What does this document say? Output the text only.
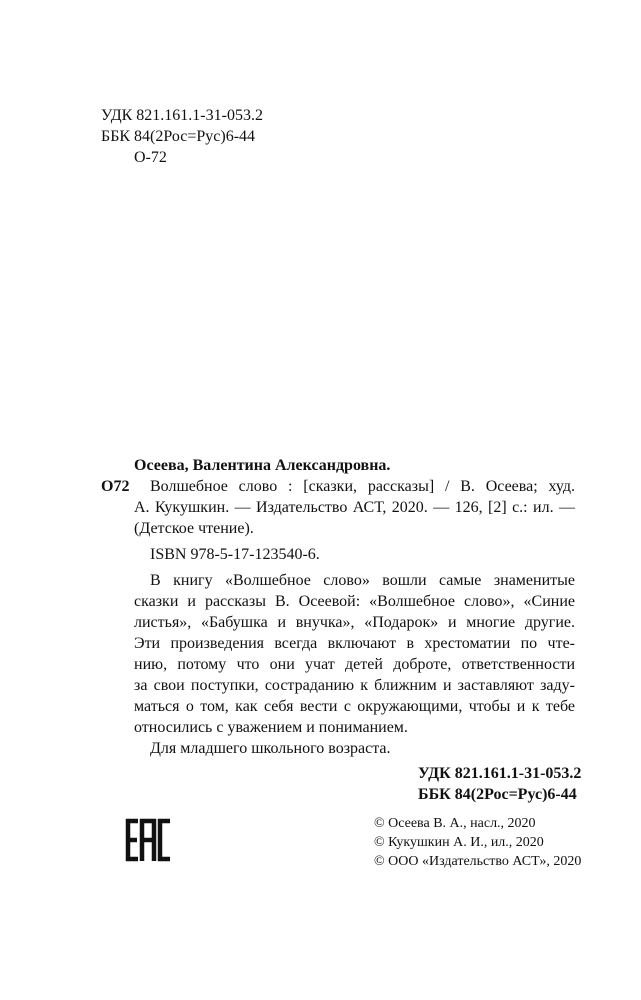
УДК 821.161.1-31-053.2
ББК 84(2Рос=Рус)6-44
О-72
Осеева, Валентина Александровна.
О72 Волшебное слово : [сказки, рассказы] / В. Осеева; худ.
А. Кукушкин. — Издательство АСТ, 2020. — 126, [2] с.: ил. —
(Детское чтение).
ISBN 978-5-17-123540-6.
В книгу «Волшебное слово» вошли самые знаменитые
сказки и рассказы В. Осеевой: «Волшебное слово», «Синие
листья», «Бабушка и внучка», «Подарок» и многие другие.
Эти произведения всегда включают в хрестоматии по чте-
нию, потому что они учат детей доброте, ответственности
за свои поступки, состраданию к ближним и заставляют заду-
маться о том, как себя вести с окружающими, чтобы и к тебе
относились с уважением и пониманием.
Для младшего школьного возраста.
УДК 821.161.1-31-053.2
ББК 84(2Рос=Рус)6-44
© Осеева В. А., насл., 2020
© Кукушкин А. И., ил., 2020
© ООО «Издательство АСТ», 2020
